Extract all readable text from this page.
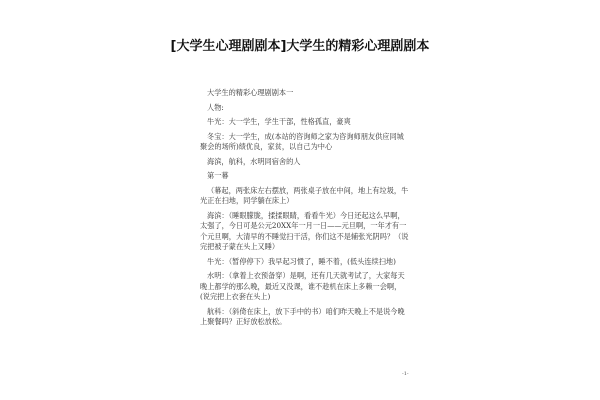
[大学生心理剧剧本]大学生的精彩心理剧剧本

大学生的精彩心理剧剧本一

人物:

牛光：大一学生，学生干部，性格孤直，豪爽

冬宝：大一学生，成(本站的咨询师之家为咨询师朋友供应同城聚会的场所)绩优良，家贫，以自己为中心

海滨，航科，水明同宿舍的人

第一幕

（幕起，两张床左右摆放，两张桌子放在中间，地上有垃圾，牛光正在扫地，同学躺在床上）

海滨：（睡眼朦胧，揉揉眼睛，看看牛光）今日还起这么早啊，太强了，今日可是公元20XX年一月一日——元旦啊，一年才有一个元旦啊，大清早的不睡觉扫干活，你们这不是辅张光阴吗？（说完把被子蒙在头上又睡）

牛光：（暂停停下）我早起习惯了，睡不着，(低头连续扫地)

水明：（拿着上衣预备穿）是啊，还有几天就考试了，大家每天晚上都学的那么晚，最近又没课，谁不趁机在床上多赖一会啊，(说完把上衣套在头上)

航科：（斜倚在床上，放下手中的书）咱们昨天晚上不是说今晚上聚餐吗？正好放松放松。

-1-
